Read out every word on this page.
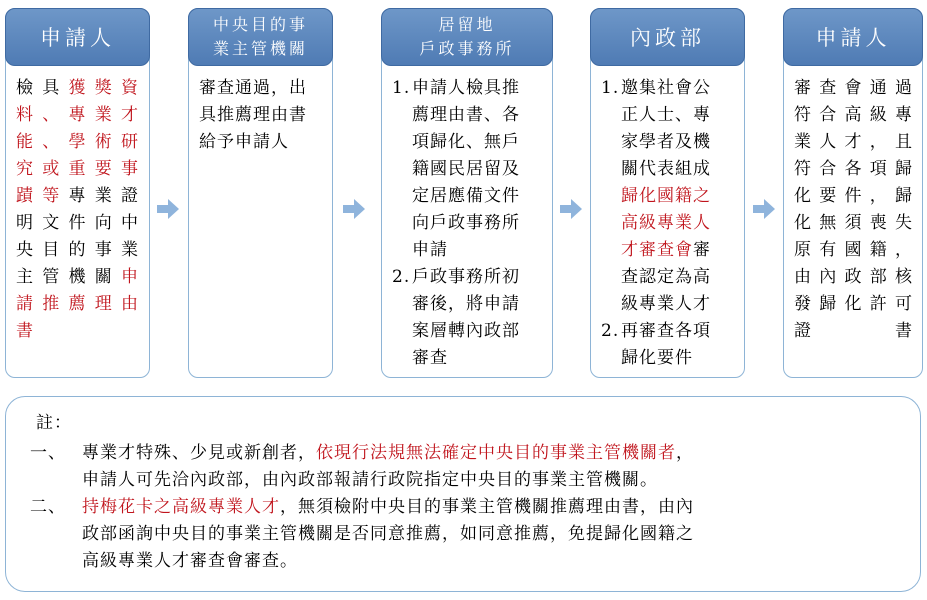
申請人
檢具獲獎資
料、專業才
能、學術研
究或重要事
蹟等專業證
明文件向中
央目的事業
主管機關申
請推薦理由
書
中央目的事
業主管機關
審查通過，出
具推薦理由書
給予申請人
居留地
戶政事務所
1. 申請人檢具推
薦理由書、各
項歸化、無戶
籍國民居留及
定居應備文件
向戶政事務所
申請
2. 戶政事務所初
審後，將申請
案層轉內政部
審查
內政部
1. 邀集社會公
正人士、專
家學者及機
關代表組成
歸化國籍之
高級專業人
才審查會審
查認定為高
級專業人才
2. 再審查各項
歸化要件
申請人
審查會通過
符合高級專
業人才，且
符合各項歸
化要件，歸
化無須喪失
原有國籍，
由內政部核
發歸化許可
證書
註：
一、 專業才特殊、少見或新創者，依現行法規無法確定中央目的事業主管機關者，
申請人可先洽內政部，由內政部報請行政院指定中央目的事業主管機關。
二、 持梅花卡之高級專業人才，無須檢附中央目的事業主管機關推薦理由書，由內
政部函詢中央目的事業主管機關是否同意推薦，如同意推薦，免提歸化國籍之
高級專業人才審查會審查。
